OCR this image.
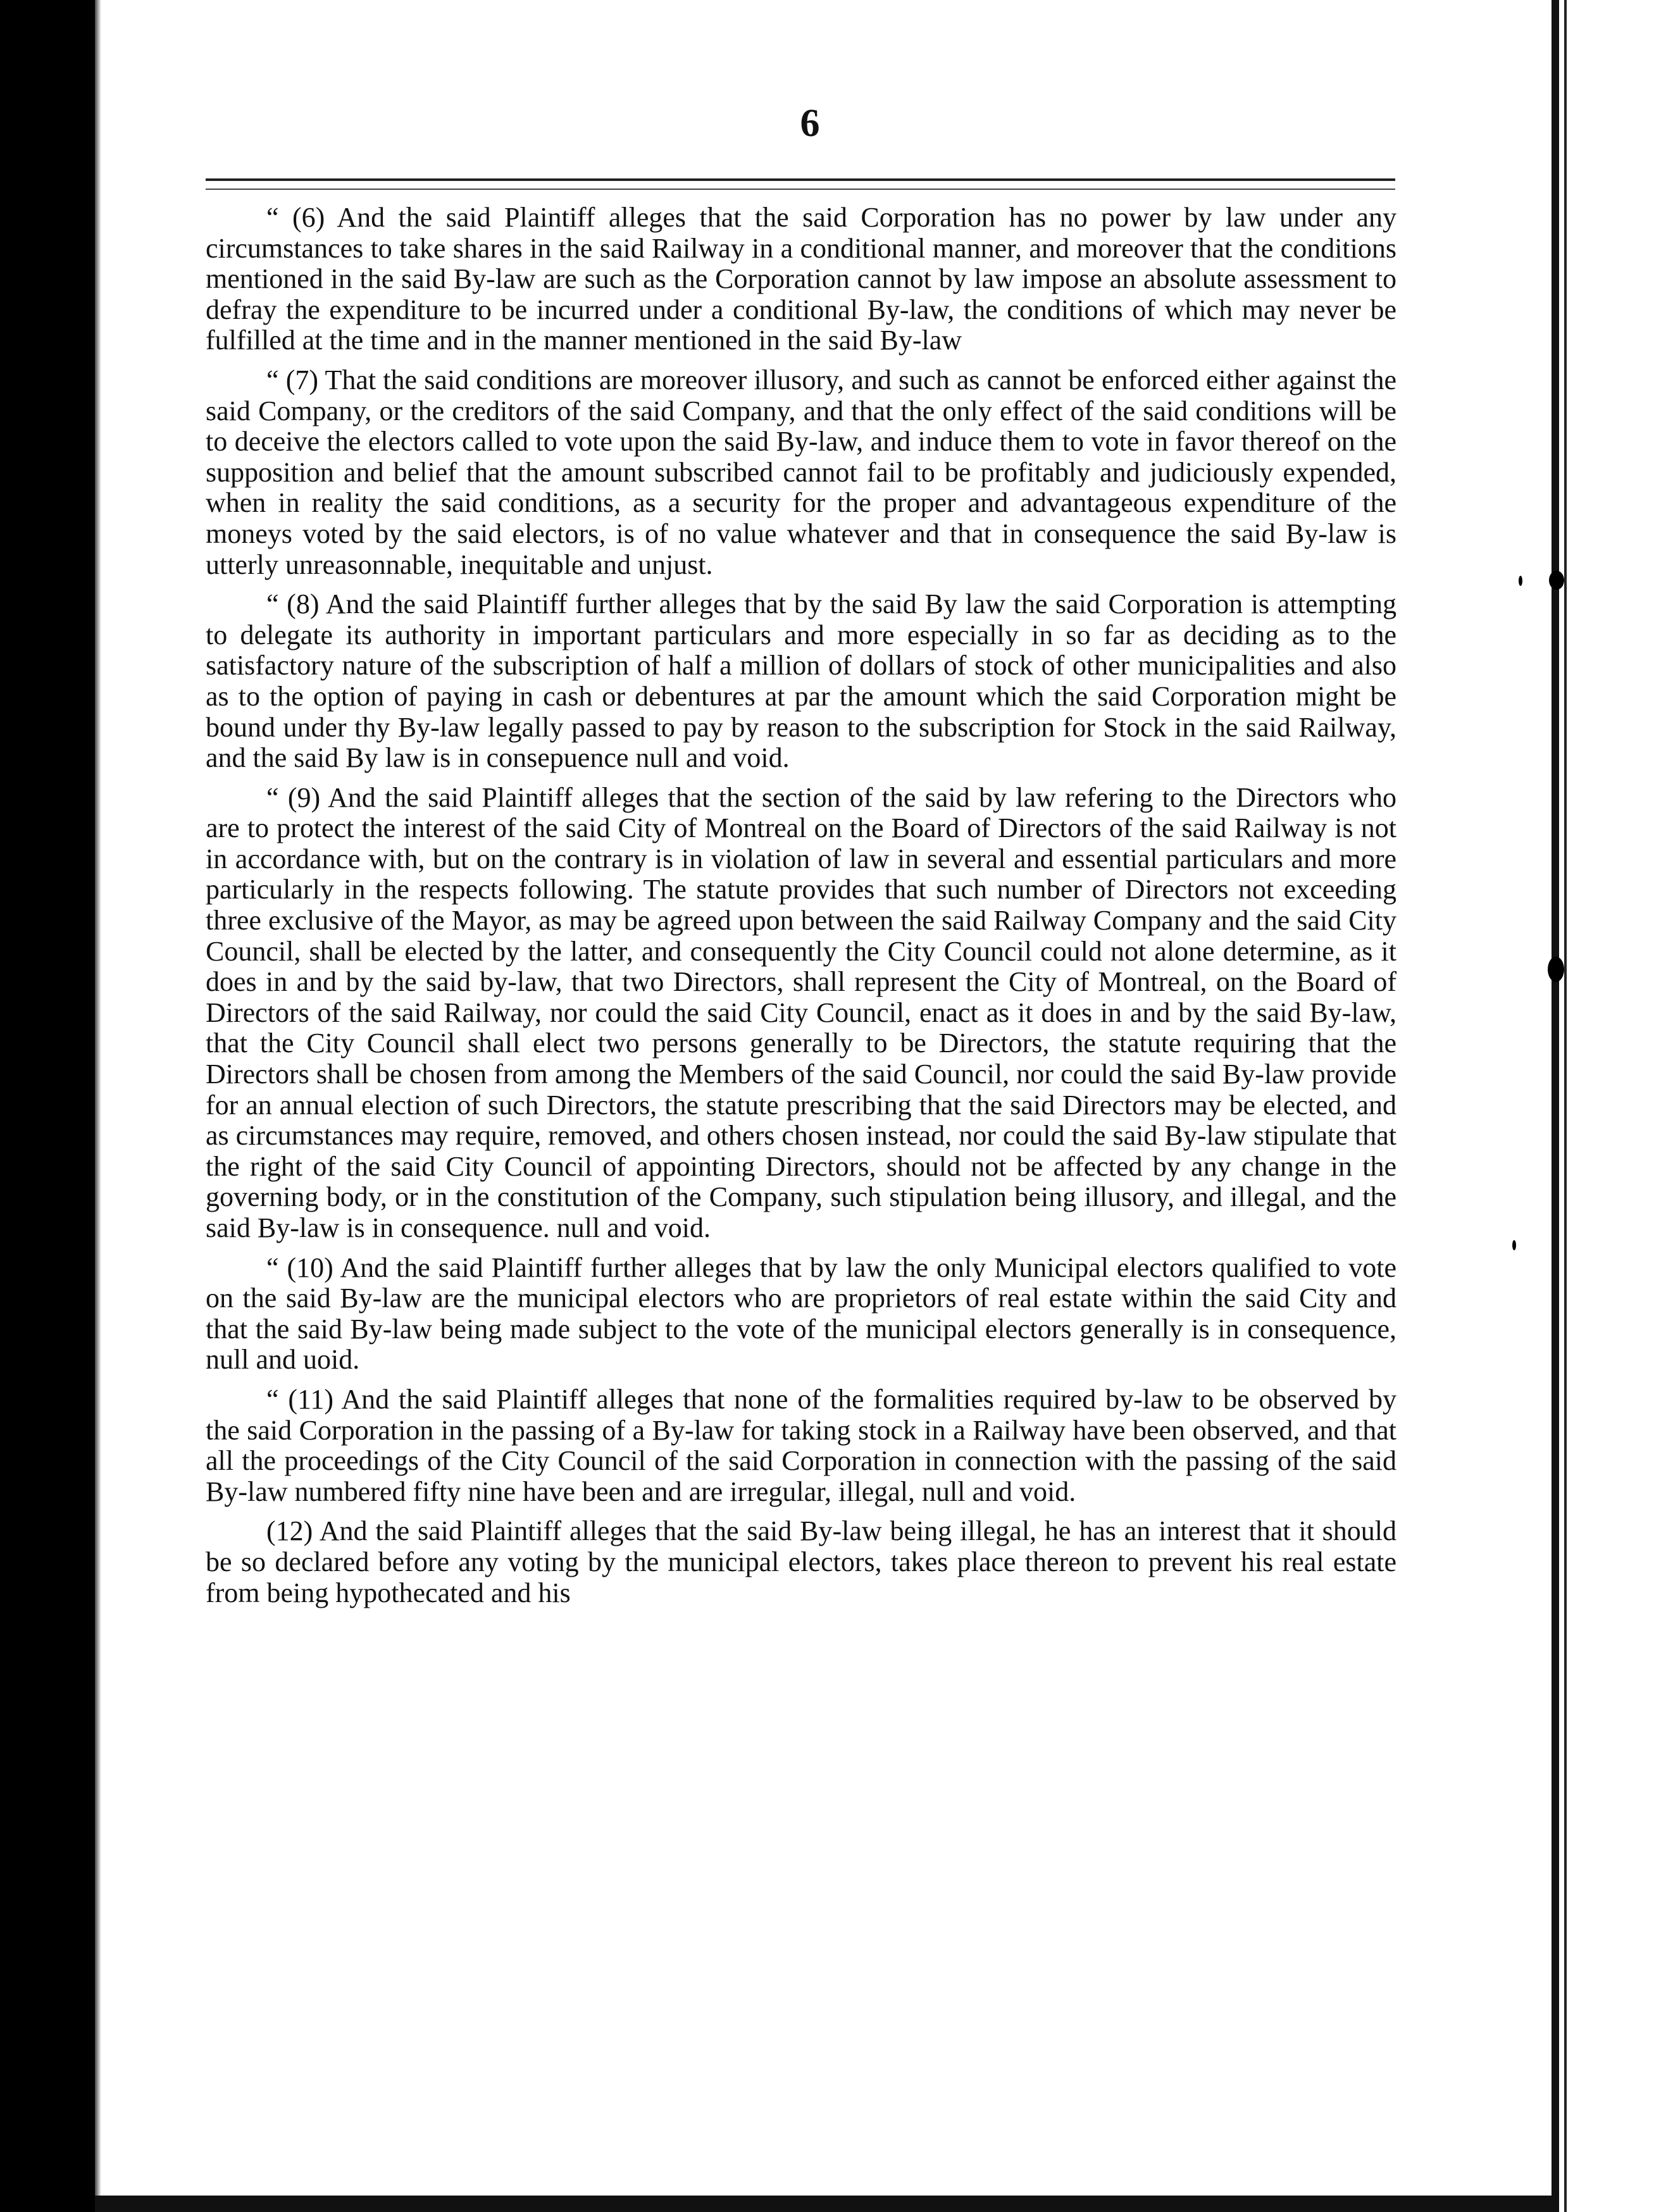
6

“ (6) And the said Plaintiff alleges that the said Corporation has no power by law under any circumstances to take shares in the said Railway in a conditional manner, and moreover that the conditions mentioned in the said By-law are such as the Corporation cannot by law impose an absolute assessment to defray the expenditure to be incurred under a conditional By-law, the conditions of which may never be fulfilled at the time and in the manner mentioned in the said By-law

“ (7) That the said conditions are moreover illusory, and such as cannot be enforced either against the said Company, or the creditors of the said Company, and that the only effect of the said conditions will be to deceive the electors called to vote upon the said By-law, and induce them to vote in favor thereof on the supposition and belief that the amount subscribed cannot fail to be profitably and judiciously expended, when in reality the said conditions, as a security for the proper and advantageous expenditure of the moneys voted by the said electors, is of no value whatever and that in consequence the said By-law is utterly unreasonnable, inequitable and unjust.

“ (8) And the said Plaintiff further alleges that by the said By law the said Corporation is attempting to delegate its authority in important particulars and more especially in so far as deciding as to the satisfactory nature of the subscription of half a million of dollars of stock of other municipalities and also as to the option of paying in cash or debentures at par the amount which the said Corporation might be bound under thy By-law legally passed to pay by reason to the subscription for Stock in the said Railway, and the said By law is in consepuence null and void.

“ (9) And the said Plaintiff alleges that the section of the said by law refering to the Directors who are to protect the interest of the said City of Montreal on the Board of Directors of the said Railway is not in accordance with, but on the contrary is in violation of law in several and essential particulars and more particularly in the respects following. The statute provides that such number of Directors not exceeding three exclusive of the Mayor, as may be agreed upon between the said Railway Company and the said City Council, shall be elected by the latter, and consequently the City Council could not alone determine, as it does in and by the said by-law, that two Directors, shall represent the City of Montreal, on the Board of Directors of the said Railway, nor could the said City Council, enact as it does in and by the said By-law, that the City Council shall elect two persons generally to be Directors, the statute requiring that the Directors shall be chosen from among the Members of the said Council, nor could the said By-law provide for an annual election of such Directors, the statute prescribing that the said Directors may be elected, and as circumstances may require, removed, and others chosen instead, nor could the said By-law stipulate that the right of the said City Council of appointing Directors, should not be affected by any change in the governing body, or in the constitution of the Company, such stipulation being illusory, and illegal, and the said By-law is in consequence. null and void.

“ (10) And the said Plaintiff further alleges that by law the only Municipal electors qualified to vote on the said By-law are the municipal electors who are proprietors of real estate within the said City and that the said By-law being made subject to the vote of the municipal electors generally is in consequence, null and uoid.

“ (11) And the said Plaintiff alleges that none of the formalities required by-law to be observed by the said Corporation in the passing of a By-law for taking stock in a Railway have been observed, and that all the proceedings of the City Council of the said Corporation in connection with the passing of the said By-law numbered fifty nine have been and are irregular, illegal, null and void.

(12) And the said Plaintiff alleges that the said By-law being illegal, he has an interest that it should be so declared before any voting by the municipal electors, takes place thereon to prevent his real estate from being hypothecated and his
